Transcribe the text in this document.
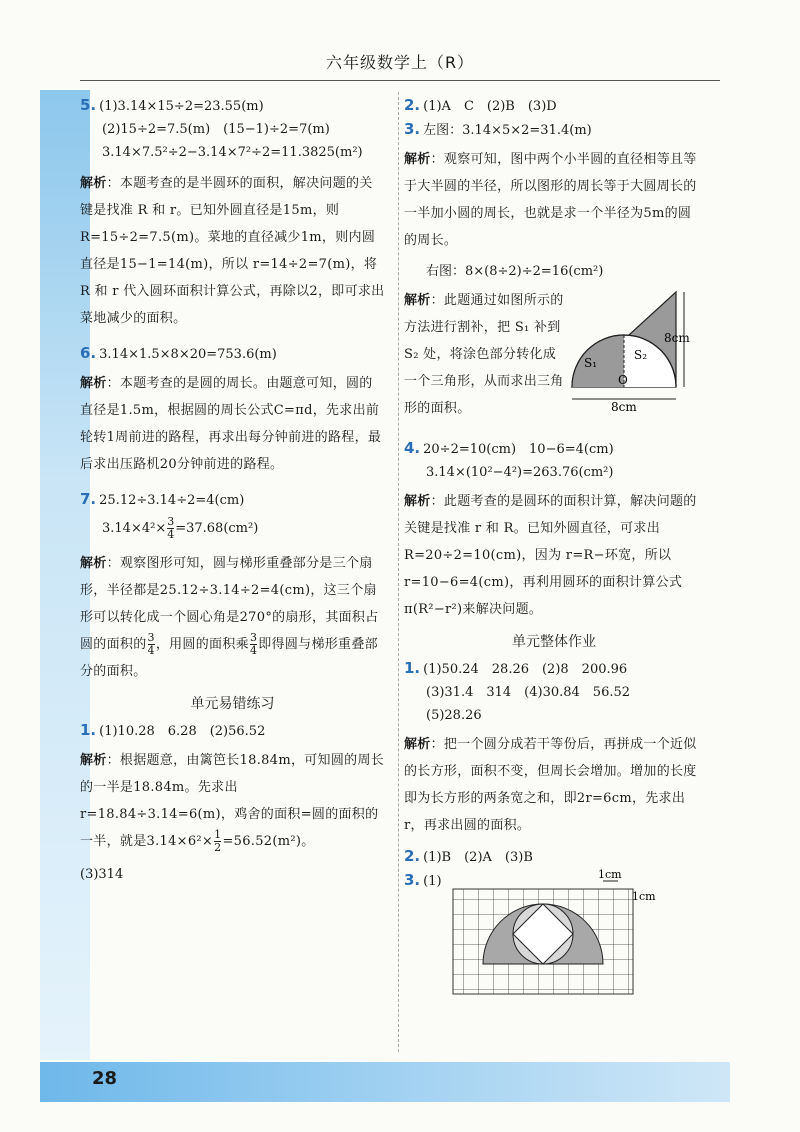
28
六年级数学上（R）
5. (1)3.14×15÷2=23.55(m)
(2)15÷2=7.5(m)　(15−1)÷2=7(m)
3.14×7.5²÷2−3.14×7²÷2=11.3825(m²)
解析：本题考查的是半圆环的面积，解决问题的关键是找准 R 和 r。已知外圆直径是15m，则 R=15÷2=7.5(m)。菜地的直径减少1m，则内圆直径是15−1=14(m)，所以 r=14÷2=7(m)，将 R 和 r 代入圆环面积计算公式，再除以2，即可求出菜地减少的面积。
6. 3.14×1.5×8×20=753.6(m)
解析：本题考查的是圆的周长。由题意可知，圆的直径是1.5m，根据圆的周长公式C=πd，先求出前轮转1周前进的路程，再求出每分钟前进的路程，最后求出压路机20分钟前进的路程。
7. 25.12÷3.14÷2=4(cm)
$3.14\times 4^2\times \frac{3}{4} =37.68(cm^2)$
解析：观察图形可知，圆与梯形重叠部分是三个扇形，半径都是25.12÷3.14÷2=4(cm)，这三个扇形可以转化成一个圆心角是270°的扇形，其面积占圆的面积的 $\frac{3}{4}$ ，用圆的面积乘 $\frac{3}{4}$ 即得圆与梯形重叠部分的面积。
单元易错练习
1. (1)10.28　6.28　(2)56.52
解析：根据题意，由篱笆长18.84m，可知圆的周长的一半是18.84m。先求出 r=18.84÷3.14=6(m)，鸡舍的面积=圆的面积的一半，就是$3.14\times 6^2\times \frac{1}{2} =56.52(m^2)$。
(3)314
2. (1)A　C　(2)B　(3)D
3. 左图：3.14×5×2=31.4(m)
解析：观察可知，图中两个小半圆的直径相等且等于大半圆的半径，所以图形的周长等于大圆周长的一半加小圆的周长，也就是求一个半径为5m的圆的周长。
右图：8×(8÷2)÷2=16(cm²)
解析：此题通过如图所示的方法进行割补，把 S₁ 补到 S₂ 处，将涂色部分转化成一个三角形，从而求出三角形的面积。
S₁
S₂
O
8cm
8cm
4. 20÷2=10(cm)　10−6=4(cm)
3.14×(10²−4²)=263.76(cm²)
解析：此题考查的是圆环的面积计算，解决问题的关键是找准 r 和 R。已知外圆直径，可求出 R=20÷2=10(cm)，因为 r=R−环宽，所以 r=10−6=4(cm)，再利用圆环的面积计算公式 π(R²−r²)来解决问题。
单元整体作业
1. (1)50.24　28.26　(2)8　200.96
(3)31.4　314　(4)30.84　56.52
(5)28.26
解析：把一个圆分成若干等份后，再拼成一个近似的长方形，面积不变，但周长会增加。增加的长度即为长方形的两条宽之和，即2r=6cm，先求出 r，再求出圆的面积。
2. (1)B　(2)A　(3)B
3. (1)	1cm
1cm
